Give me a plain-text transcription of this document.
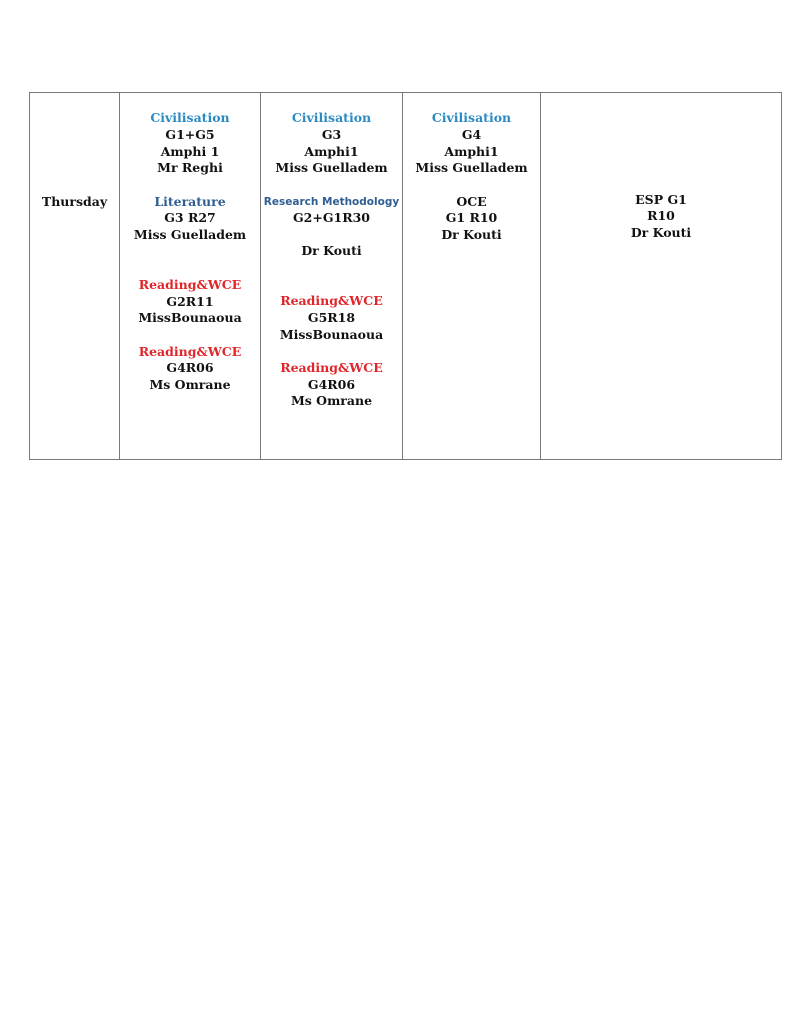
Thursday
Civilisation
G1+G5
Amphi 1
Mr Reghi
Literature
G3 R27
Miss Guelladem
Reading&WCE
G2R11
MissBounaoua
Reading&WCE
G4R06
Ms Omrane
Civilisation
G3
Amphi1
Miss Guelladem
Research Methodology
G2+G1R30
Dr Kouti
Reading&WCE
G5R18
MissBounaoua
Reading&WCE
G4R06
Ms Omrane
Civilisation
G4
Amphi1
Miss Guelladem
OCE
G1 R10
Dr Kouti
ESP G1
R10
Dr Kouti
